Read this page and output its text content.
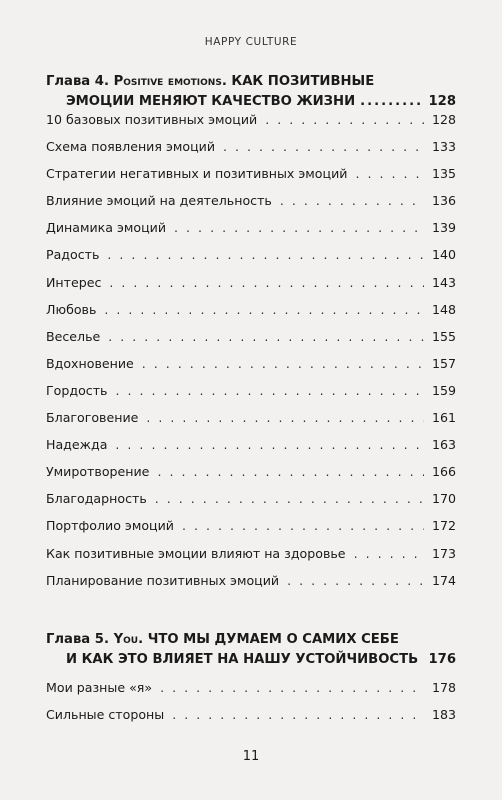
HAPPY CULTURE
Глава 4. Positive emotions. КАК ПОЗИТИВНЫЕ
ЭМОЦИИ МЕНЯЮТ КАЧЕСТВО ЖИЗНИ .....	128
10 базовых позитивных эмоций . . .	128
Схема появления эмоций . . .	133
Стратегии негативных и позитивных эмоций . . .	135
Влияние эмоций на деятельность . . .	136
Динамика эмоций . . .	139
Радость . . .	140
Интерес . . .	143
Любовь . . .	148
Веселье . . .	155
Вдохновение . . .	157
Гордость . . .	159
Благоговение . . .	161
Надежда . . .	163
Умиротворение . . .	166
Благодарность . . .	170
Портфолио эмоций . . .	172
Как позитивные эмоции влияют на здоровье . . .	173
Планирование позитивных эмоций . . .	174
Глава 5. You. ЧТО МЫ ДУМАЕМ О САМИХ СЕБЕ
И КАК ЭТО ВЛИЯЕТ НА НАШУ УСТОЙЧИВОСТЬ ..... 176
Мои разные «я» . . .	178
Сильные стороны . . .	183
11
